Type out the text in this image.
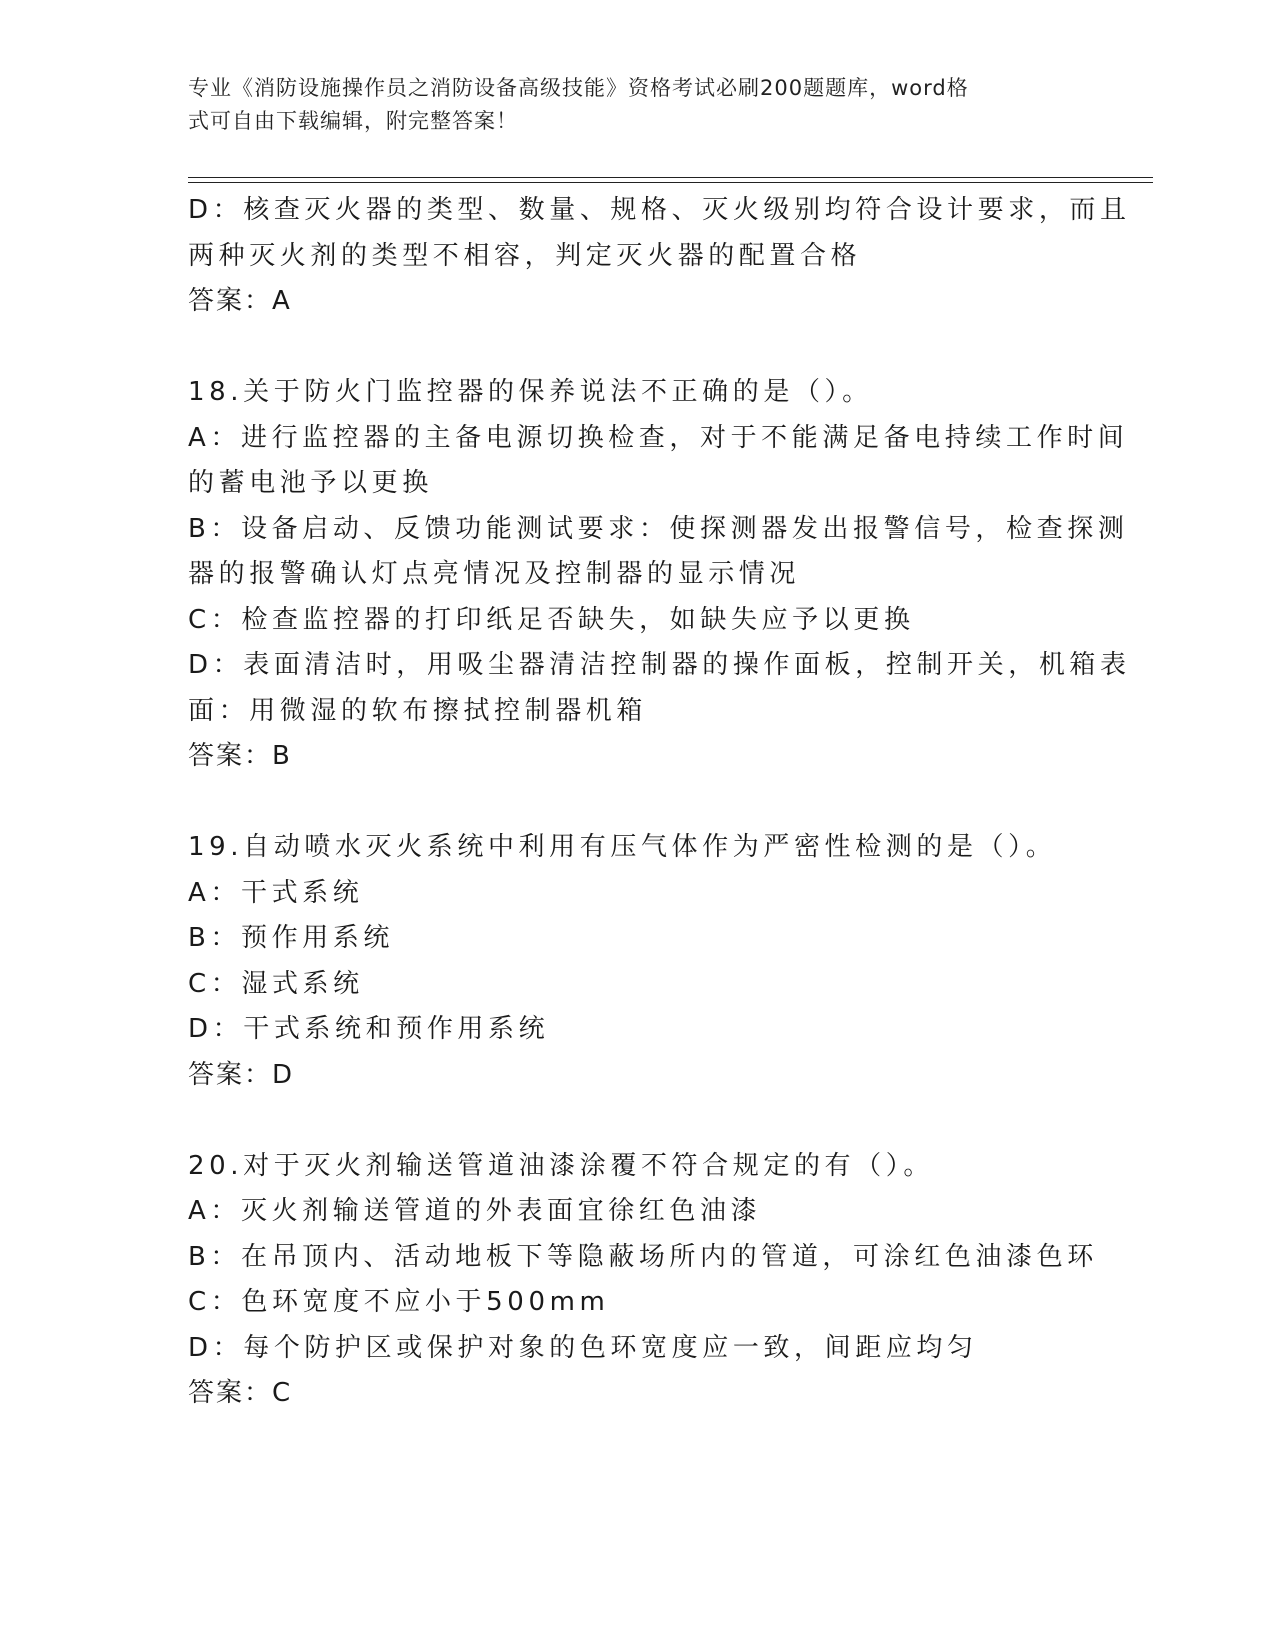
专业《消防设施操作员之消防设备高级技能》资格考试必刷200题题库，word格
式可自由下载编辑，附完整答案！
D：核查灭火器的类型、数量、规格、灭火级别均符合设计要求，而且
两种灭火剂的类型不相容，判定灭火器的配置合格
答案：A
18.关于防火门监控器的保养说法不正确的是（）。
A：进行监控器的主备电源切换检查，对于不能满足备电持续工作时间
的蓄电池予以更换
B：设备启动、反馈功能测试要求：使探测器发出报警信号，检查探测
器的报警确认灯点亮情况及控制器的显示情况
C：检查监控器的打印纸足否缺失，如缺失应予以更换
D：表面清洁时，用吸尘器清洁控制器的操作面板，控制开关，机箱表
面：用微湿的软布擦拭控制器机箱
答案：B
19.自动喷水灭火系统中利用有压气体作为严密性检测的是（）。
A：干式系统
B：预作用系统
C：湿式系统
D：干式系统和预作用系统
答案：D
20.对于灭火剂输送管道油漆涂覆不符合规定的有（）。
A：灭火剂输送管道的外表面宜徐红色油漆
B：在吊顶内、活动地板下等隐蔽场所内的管道，可涂红色油漆色环
C：色环宽度不应小于500mm
D：每个防护区或保护对象的色环宽度应一致，间距应均匀
答案：C
